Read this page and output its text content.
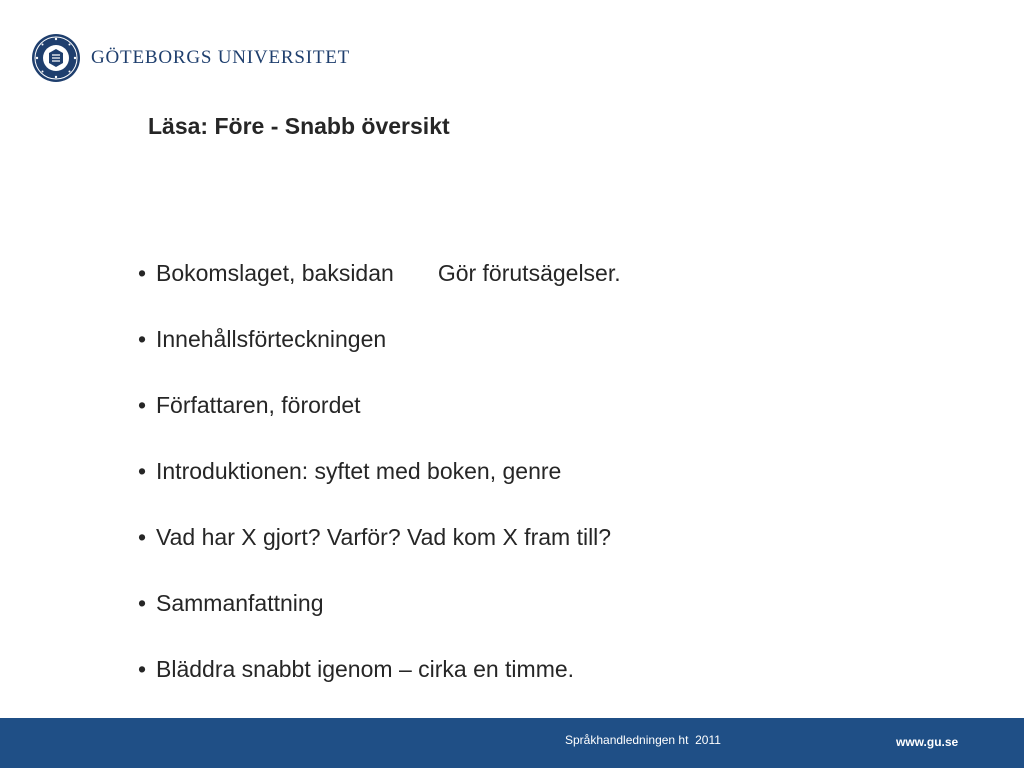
GÖTEBORGS UNIVERSITET
Läsa: Före - Snabb översikt
• Bokomslaget, baksidan Gör förutsägelser.
• Innehållsförteckningen
• Författaren, förordet
• Introduktionen: syftet med boken, genre
• Vad har X gjort? Varför? Vad kom X fram till?
• Sammanfattning
• Bläddra snabbt igenom – cirka en timme.
Språkhandledningen ht  2011	www.gu.se
